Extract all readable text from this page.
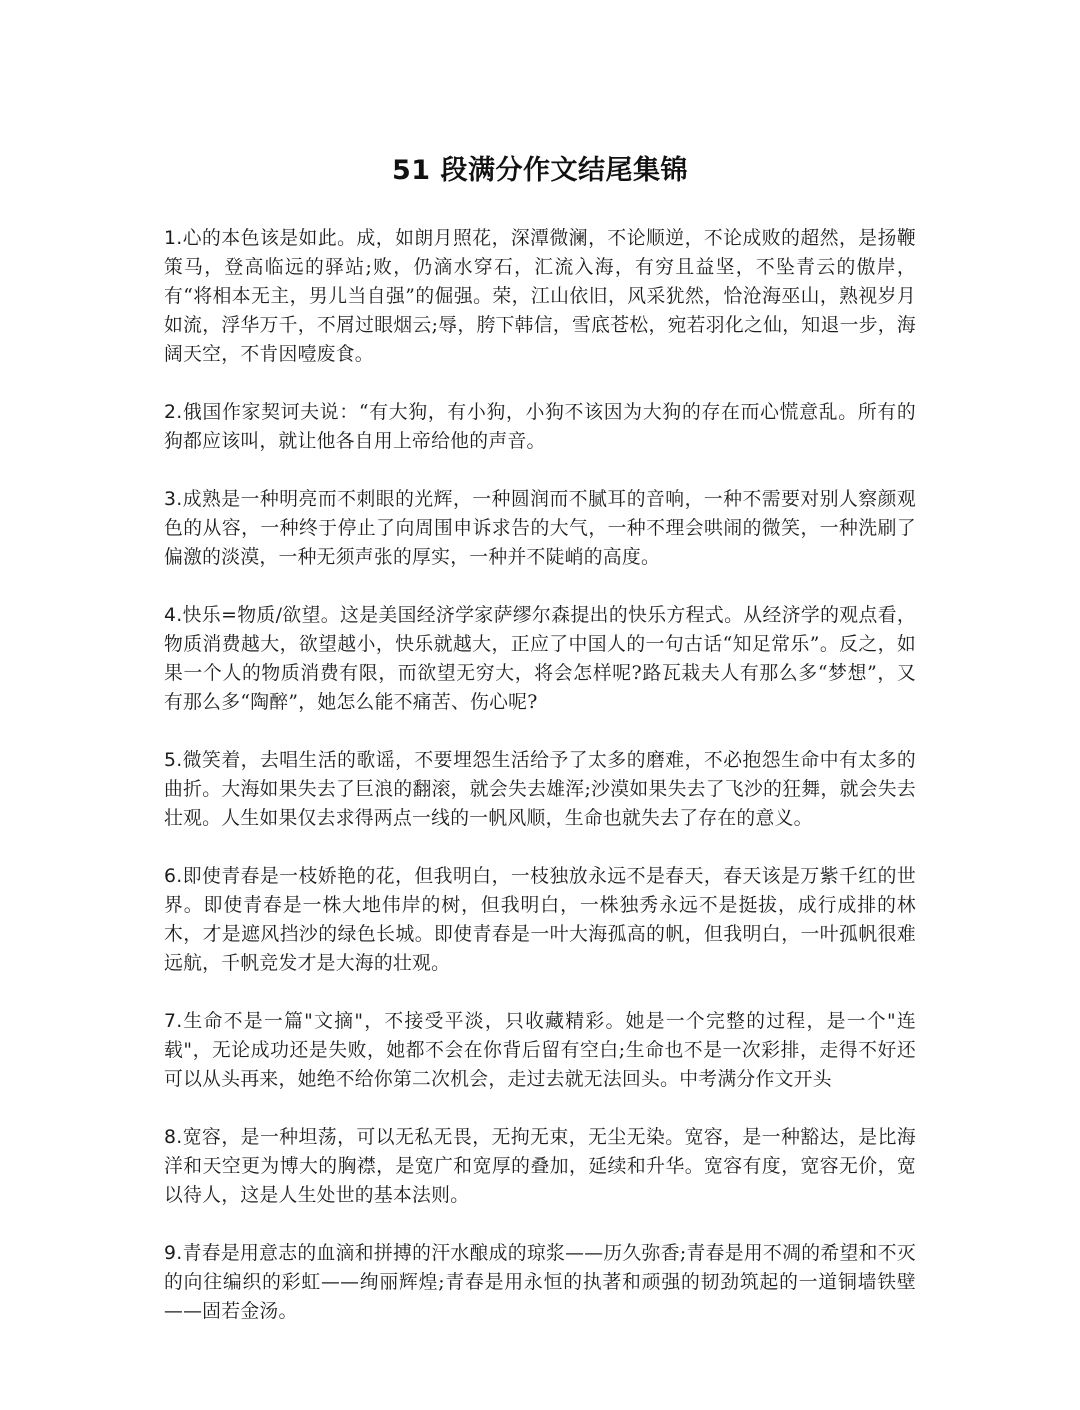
51 段满分作文结尾集锦

1.心的本色该是如此。成，如朗月照花，深潭微澜，不论顺逆，不论成败的超然，是扬鞭策马，登高临远的驿站;败，仍滴水穿石，汇流入海，有穷且益坚，不坠青云的傲岸，有“将相本无主，男儿当自强”的倔强。荣，江山依旧，风采犹然，恰沧海巫山，熟视岁月如流，浮华万千，不屑过眼烟云;辱，胯下韩信，雪底苍松，宛若羽化之仙，知退一步，海阔天空，不肯因噎废食。

2.俄国作家契诃夫说：“有大狗，有小狗，小狗不该因为大狗的存在而心慌意乱。所有的狗都应该叫，就让他各自用上帝给他的声音。

3.成熟是一种明亮而不刺眼的光辉，一种圆润而不腻耳的音响，一种不需要对别人察颜观色的从容，一种终于停止了向周围申诉求告的大气，一种不理会哄闹的微笑，一种洗刷了偏激的淡漠，一种无须声张的厚实，一种并不陡峭的高度。

4.快乐=物质/欲望。这是美国经济学家萨缪尔森提出的快乐方程式。从经济学的观点看，物质消费越大，欲望越小，快乐就越大，正应了中国人的一句古话“知足常乐”。反之，如果一个人的物质消费有限，而欲望无穷大，将会怎样呢?路瓦栽夫人有那么多“梦想”，又有那么多“陶醉”，她怎么能不痛苦、伤心呢?

5.微笑着，去唱生活的歌谣，不要埋怨生活给予了太多的磨难，不必抱怨生命中有太多的曲折。大海如果失去了巨浪的翻滚，就会失去雄浑;沙漠如果失去了飞沙的狂舞，就会失去壮观。人生如果仅去求得两点一线的一帆风顺，生命也就失去了存在的意义。

6.即使青春是一枝娇艳的花，但我明白，一枝独放永远不是春天，春天该是万紫千红的世界。即使青春是一株大地伟岸的树，但我明白，一株独秀永远不是挺拔，成行成排的林木，才是遮风挡沙的绿色长城。即使青春是一叶大海孤高的帆，但我明白，一叶孤帆很难远航，千帆竞发才是大海的壮观。

7.生命不是一篇"文摘"，不接受平淡，只收藏精彩。她是一个完整的过程，是一个"连载"，无论成功还是失败，她都不会在你背后留有空白;生命也不是一次彩排，走得不好还可以从头再来，她绝不给你第二次机会，走过去就无法回头。中考满分作文开头

8.宽容，是一种坦荡，可以无私无畏，无拘无束，无尘无染。宽容，是一种豁达，是比海洋和天空更为博大的胸襟，是宽广和宽厚的叠加，延续和升华。宽容有度，宽容无价，宽以待人，这是人生处世的基本法则。

9.青春是用意志的血滴和拼搏的汗水酿成的琼浆——历久弥香;青春是用不凋的希望和不灭的向往编织的彩虹——绚丽辉煌;青春是用永恒的执著和顽强的韧劲筑起的一道铜墙铁壁——固若金汤。
